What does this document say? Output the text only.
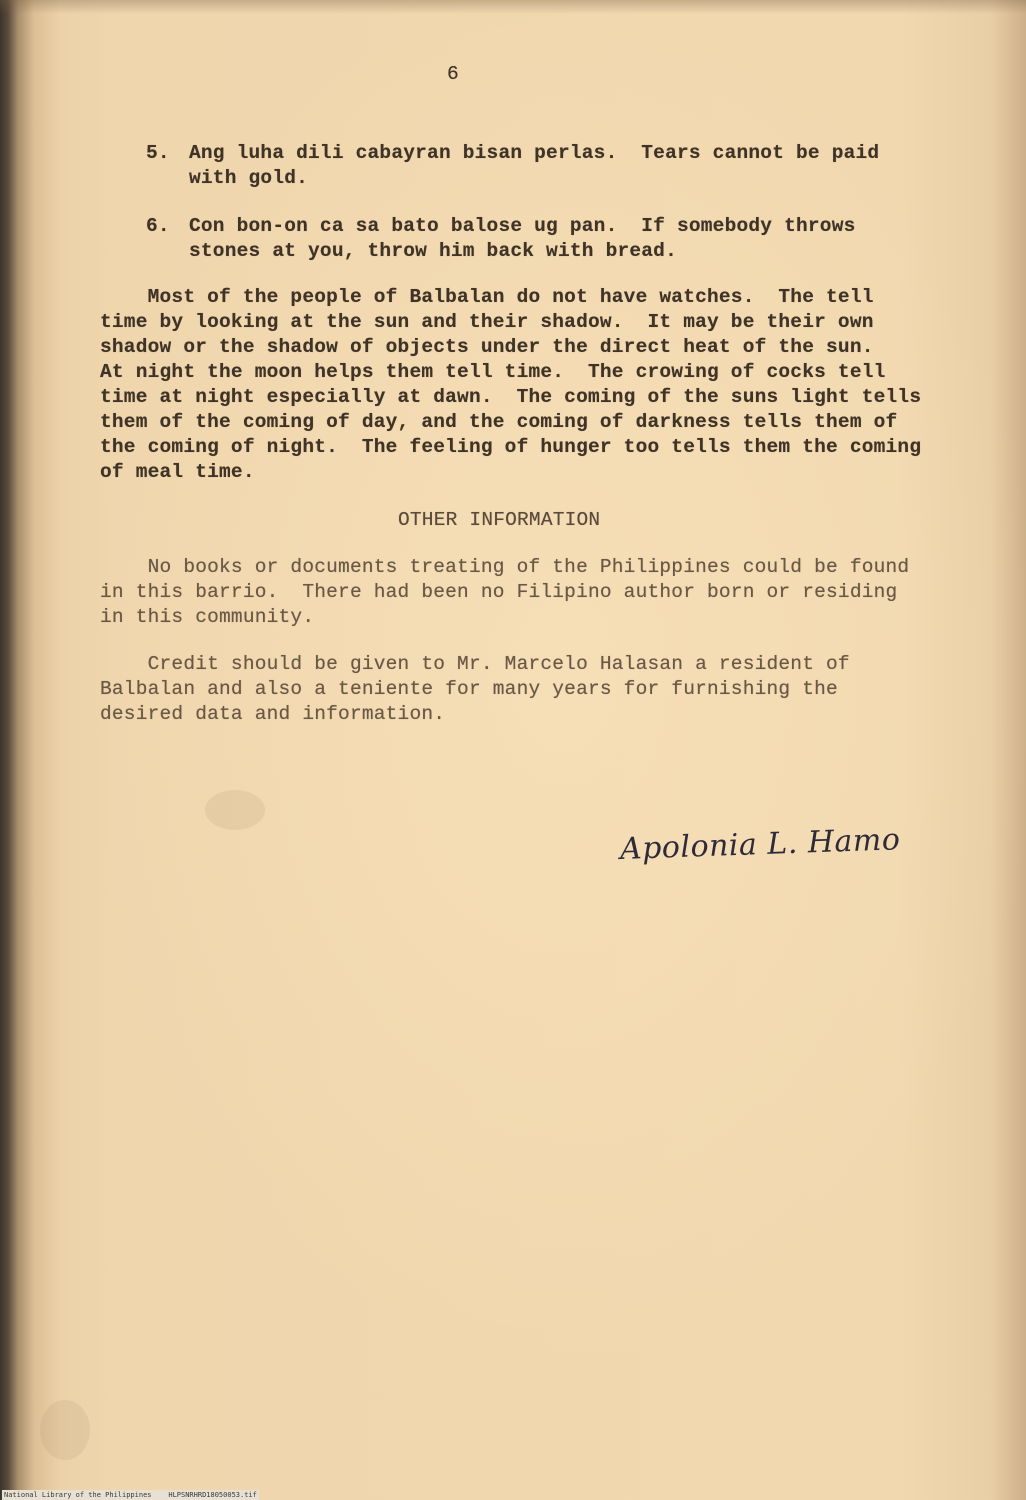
6

5. Ang luha dili cabayran bisan perlas.  Tears cannot be paid
with gold.
6. Con bon-on ca sa bato balose ug pan.  If somebody throws
stones at you, throw him back with bread.
Most of the people of Balbalan do not have watches.  The tell
time by looking at the sun and their shadow.  It may be their own
shadow or the shadow of objects under the direct heat of the sun.
At night the moon helps them tell time.  The crowing of cocks tell
time at night especially at dawn.  The coming of the suns light tells
them of the coming of day, and the coming of darkness tells them of
the coming of night.  The feeling of hunger too tells them the coming
of meal time.
OTHER INFORMATION
No books or documents treating of the Philippines could be found
in this barrio.  There had been no Filipino author born or residing
in this community.
Credit should be given to Mr. Marcelo Halasan a resident of
Balbalan and also a teniente for many years for furnishing the
desired data and information.
Apolonia L. Hamo
National Library of the Philippines    HLPSNRHRD18050053.tif
